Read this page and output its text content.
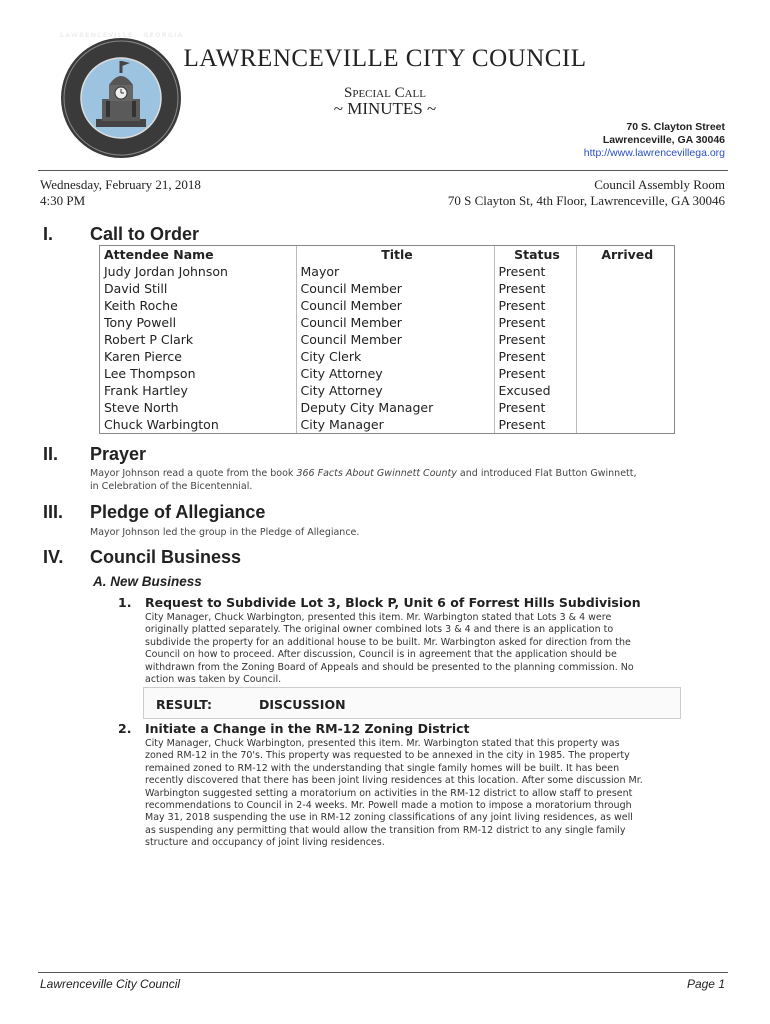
LAWRENCEVILLE · GEORGIA
LAWRENCEVILLE CITY COUNCIL
Special Call
~ MINUTES ~
70 S. Clayton Street
Lawrenceville, GA 30046
http://www.lawrencevillega.org
Wednesday, February 21, 2018
4:30 PM
Council Assembly Room
70 S Clayton St, 4th Floor, Lawrenceville, GA 30046
I. Call to Order
Attendee Name	Title	Status	Arrived
Judy Jordan Johnson	Mayor	Present	
David Still	Council Member	Present	
Keith Roche	Council Member	Present	
Tony Powell	Council Member	Present	
Robert P Clark	Council Member	Present	
Karen Pierce	City Clerk	Present	
Lee Thompson	City Attorney	Present	
Frank Hartley	City Attorney	Excused	
Steve North	Deputy City Manager	Present	
Chuck Warbington	City Manager	Present	
II. Prayer
Mayor Johnson read a quote from the book 366 Facts About Gwinnett County and introduced Flat Button Gwinnett,
in Celebration of the Bicentennial.
III. Pledge of Allegiance
Mayor Johnson led the group in the Pledge of Allegiance.
IV. Council Business
A. New Business
1. Request to Subdivide Lot 3, Block P, Unit 6 of Forrest Hills Subdivision
City Manager, Chuck Warbington, presented this item. Mr. Warbington stated that Lots 3 & 4 were
originally platted separately. The original owner combined lots 3 & 4 and there is an application to
subdivide the property for an additional house to be built. Mr. Warbington asked for direction from the
Council on how to proceed. After discussion, Council is in agreement that the application should be
withdrawn from the Zoning Board of Appeals and should be presented to the planning commission. No
action was taken by Council.
RESULT:	DISCUSSION
2. Initiate a Change in the RM-12 Zoning District
City Manager, Chuck Warbington, presented this item. Mr. Warbington stated that this property was
zoned RM-12 in the 70's. This property was requested to be annexed in the city in 1985. The property
remained zoned to RM-12 with the understanding that single family homes will be built. It has been
recently discovered that there has been joint living residences at this location. After some discussion Mr.
Warbington suggested setting a moratorium on activities in the RM-12 district to allow staff to present
recommendations to Council in 2-4 weeks. Mr. Powell made a motion to impose a moratorium through
May 31, 2018 suspending the use in RM-12 zoning classifications of any joint living residences, as well
as suspending any permitting that would allow the transition from RM-12 district to any single family
structure and occupancy of joint living residences.
Lawrenceville City Council	Page 1
